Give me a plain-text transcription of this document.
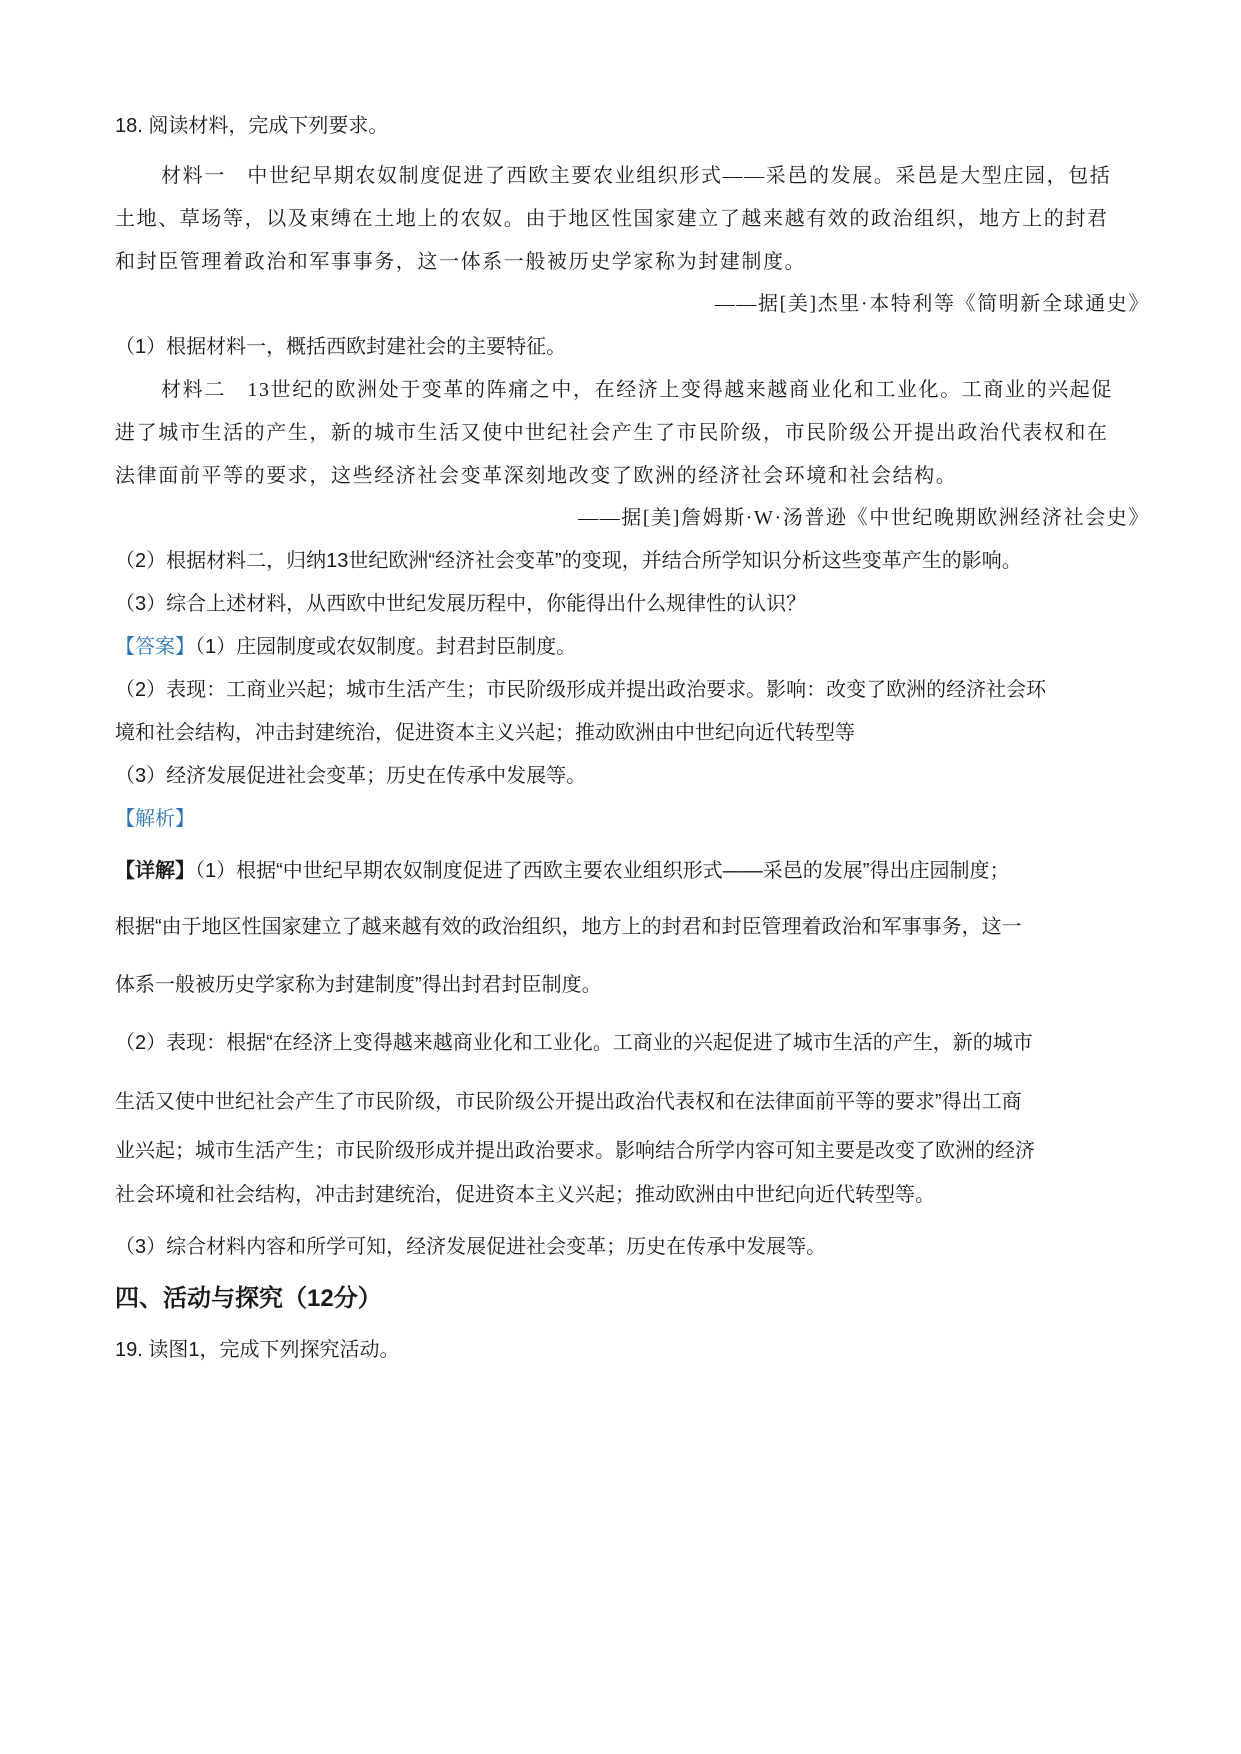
18. 阅读材料，完成下列要求。
材料一　中世纪早期农奴制度促进了西欧主要农业组织形式——采邑的发展。采邑是大型庄园，包括
土地、草场等，以及束缚在土地上的农奴。由于地区性国家建立了越来越有效的政治组织，地方上的封君
和封臣管理着政治和军事事务，这一体系一般被历史学家称为封建制度。
——据[美]杰里·本特利等《简明新全球通史》
（1）根据材料一，概括西欧封建社会的主要特征。
材料二　13世纪的欧洲处于变革的阵痛之中，在经济上变得越来越商业化和工业化。工商业的兴起促
进了城市生活的产生，新的城市生活又使中世纪社会产生了市民阶级，市民阶级公开提出政治代表权和在
法律面前平等的要求，这些经济社会变革深刻地改变了欧洲的经济社会环境和社会结构。
——据[美]詹姆斯·W·汤普逊《中世纪晚期欧洲经济社会史》
（2）根据材料二，归纳13世纪欧洲“经济社会变革”的变现，并结合所学知识分析这些变革产生的影响。
（3）综合上述材料，从西欧中世纪发展历程中，你能得出什么规律性的认识？
【答案】（1）庄园制度或农奴制度。封君封臣制度。
（2）表现：工商业兴起；城市生活产生；市民阶级形成并提出政治要求。影响：改变了欧洲的经济社会环
境和社会结构，冲击封建统治，促进资本主义兴起；推动欧洲由中世纪向近代转型等
（3）经济发展促进社会变革；历史在传承中发展等。
【解析】
【详解】（1）根据“中世纪早期农奴制度促进了西欧主要农业组织形式——采邑的发展”得出庄园制度；
根据“由于地区性国家建立了越来越有效的政治组织，地方上的封君和封臣管理着政治和军事事务，这一
体系一般被历史学家称为封建制度”得出封君封臣制度。
（2）表现：根据“在经济上变得越来越商业化和工业化。工商业的兴起促进了城市生活的产生，新的城市
生活又使中世纪社会产生了市民阶级，市民阶级公开提出政治代表权和在法律面前平等的要求”得出工商
业兴起；城市生活产生；市民阶级形成并提出政治要求。影响结合所学内容可知主要是改变了欧洲的经济
社会环境和社会结构，冲击封建统治，促进资本主义兴起；推动欧洲由中世纪向近代转型等。
（3）综合材料内容和所学可知，经济发展促进社会变革；历史在传承中发展等。
四、活动与探究（12分）
19. 读图1，完成下列探究活动。
